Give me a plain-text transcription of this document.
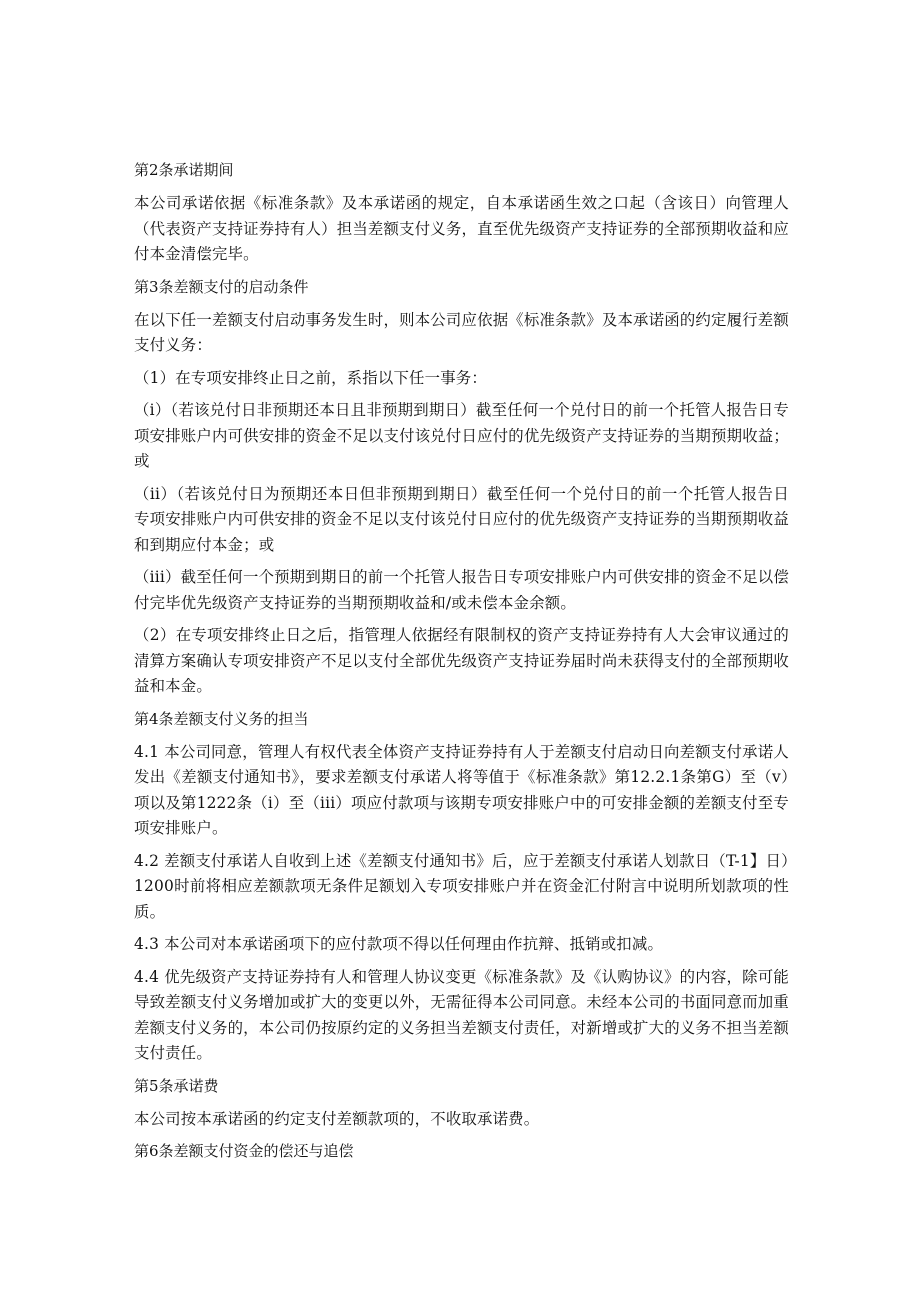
第2条承诺期间
本公司承诺依据《标准条款》及本承诺函的规定，自本承诺函生效之口起（含该日）向管理人（代表资产支持证券持有人）担当差额支付义务，直至优先级资产支持证券的全部预期收益和应付本金清偿完毕。
第3条差额支付的启动条件
在以下任一差额支付启动事务发生时，则本公司应依据《标准条款》及本承诺函的约定履行差额支付义务：
（1）在专项安排终止日之前，系指以下任一事务：
（i）（若该兑付日非预期还本日且非预期到期日）截至任何一个兑付日的前一个托管人报告日专项安排账户内可供安排的资金不足以支付该兑付日应付的优先级资产支持证券的当期预期收益；或
（ii）（若该兑付日为预期还本日但非预期到期日）截至任何一个兑付日的前一个托管人报告日专项安排账户内可供安排的资金不足以支付该兑付日应付的优先级资产支持证券的当期预期收益和到期应付本金；或
（iii）截至任何一个预期到期日的前一个托管人报告日专项安排账户内可供安排的资金不足以偿付完毕优先级资产支持证券的当期预期收益和/或未偿本金余额。
（2）在专项安排终止日之后，指管理人依据经有限制权的资产支持证券持有人大会审议通过的清算方案确认专项安排资产不足以支付全部优先级资产支持证券届时尚未获得支付的全部预期收益和本金。
第4条差额支付义务的担当
4.1 本公司同意，管理人有权代表全体资产支持证券持有人于差额支付启动日向差额支付承诺人发出《差额支付通知书》，要求差额支付承诺人将等值于《标准条款》第12.2.1条第G）至（v）项以及第1222条（i）至（iii）项应付款项与该期专项安排账户中的可安排金额的差额支付至专项安排账户。
4.2 差额支付承诺人自收到上述《差额支付通知书》后，应于差额支付承诺人划款日（T-1】日）1200时前将相应差额款项无条件足额划入专项安排账户并在资金汇付附言中说明所划款项的性质。
4.3 本公司对本承诺函项下的应付款项不得以任何理由作抗辩、抵销或扣减。
4.4 优先级资产支持证券持有人和管理人协议变更《标准条款》及《认购协议》的内容，除可能导致差额支付义务增加或扩大的变更以外，无需征得本公司同意。未经本公司的书面同意而加重差额支付义务的，本公司仍按原约定的义务担当差额支付责任，对新增或扩大的义务不担当差额支付责任。
第5条承诺费
本公司按本承诺函的约定支付差额款项的，不收取承诺费。
第6条差额支付资金的偿还与追偿
